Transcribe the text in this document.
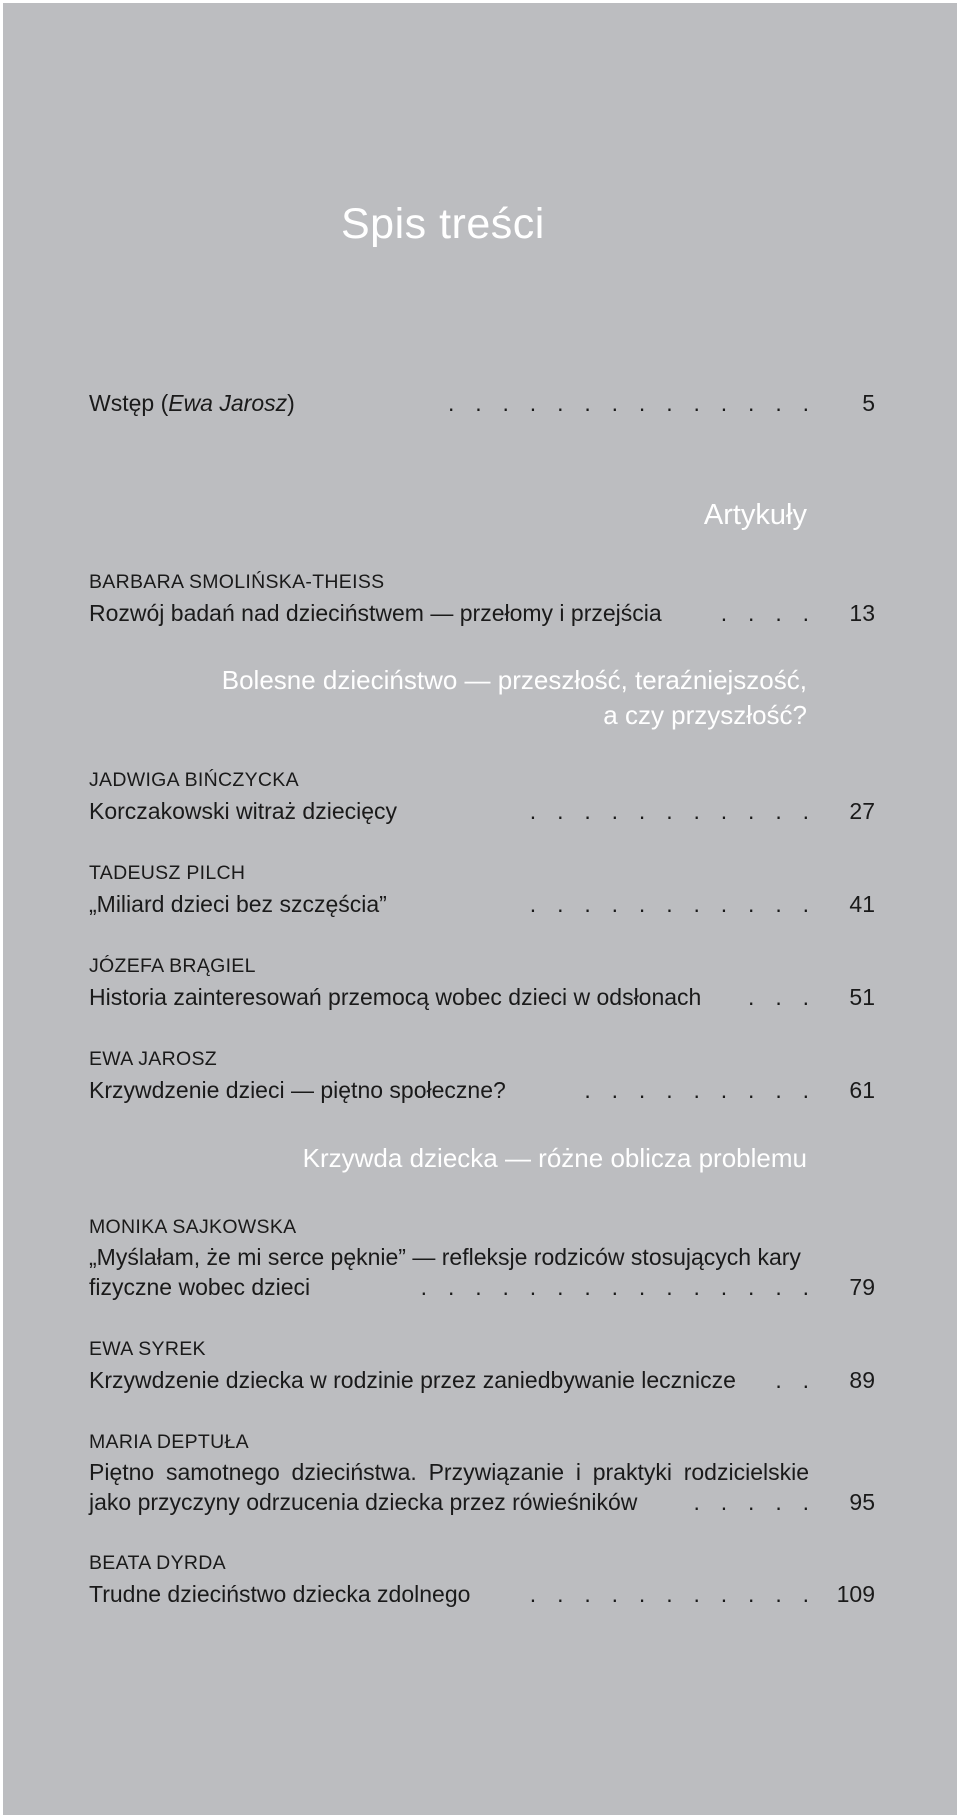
Spis treści
Wstęp (Ewa Jarosz)	. . . . . . . . . . . . . . 5
Artykuły
BARBARA SMOLIŃSKA-THEISS
Rozwój badań nad dzieciństwem — przełomy i przejścia	. . . . 13
Bolesne dzieciństwo — przeszłość, teraźniejszość,
a czy przyszłość?
JADWIGA BIŃCZYCKA
Korczakowski witraż dziecięcy	. . . . . . . . . . . 27
TADEUSZ PILCH
„Miliard dzieci bez szczęścia”	. . . . . . . . . . . 41
JÓZEFA BRĄGIEL
Historia zainteresowań przemocą wobec dzieci w odsłonach . . . 51
EWA JAROSZ
Krzywdzenie dzieci — piętno społeczne?	. . . . . . . . . 61
Krzywda dziecka — różne oblicza problemu
MONIKA SAJKOWSKA
„Myślałam, że mi serce pęknie” — refleksje rodziców stosujących kary
fizyczne wobec dzieci	. . . . . . . . . . . . . . . 79
EWA SYREK
Krzywdzenie dziecka w rodzinie przez zaniedbywanie lecznicze . . 89
MARIA DEPTUŁA
Piętno samotnego dzieciństwa. Przywiązanie i praktyki rodzicielskie
jako przyczyny odrzucenia dziecka przez rówieśników . . . . . 95
BEATA DYRDA
Trudne dzieciństwo dziecka zdolnego	. . . . . . . . . . . 109
